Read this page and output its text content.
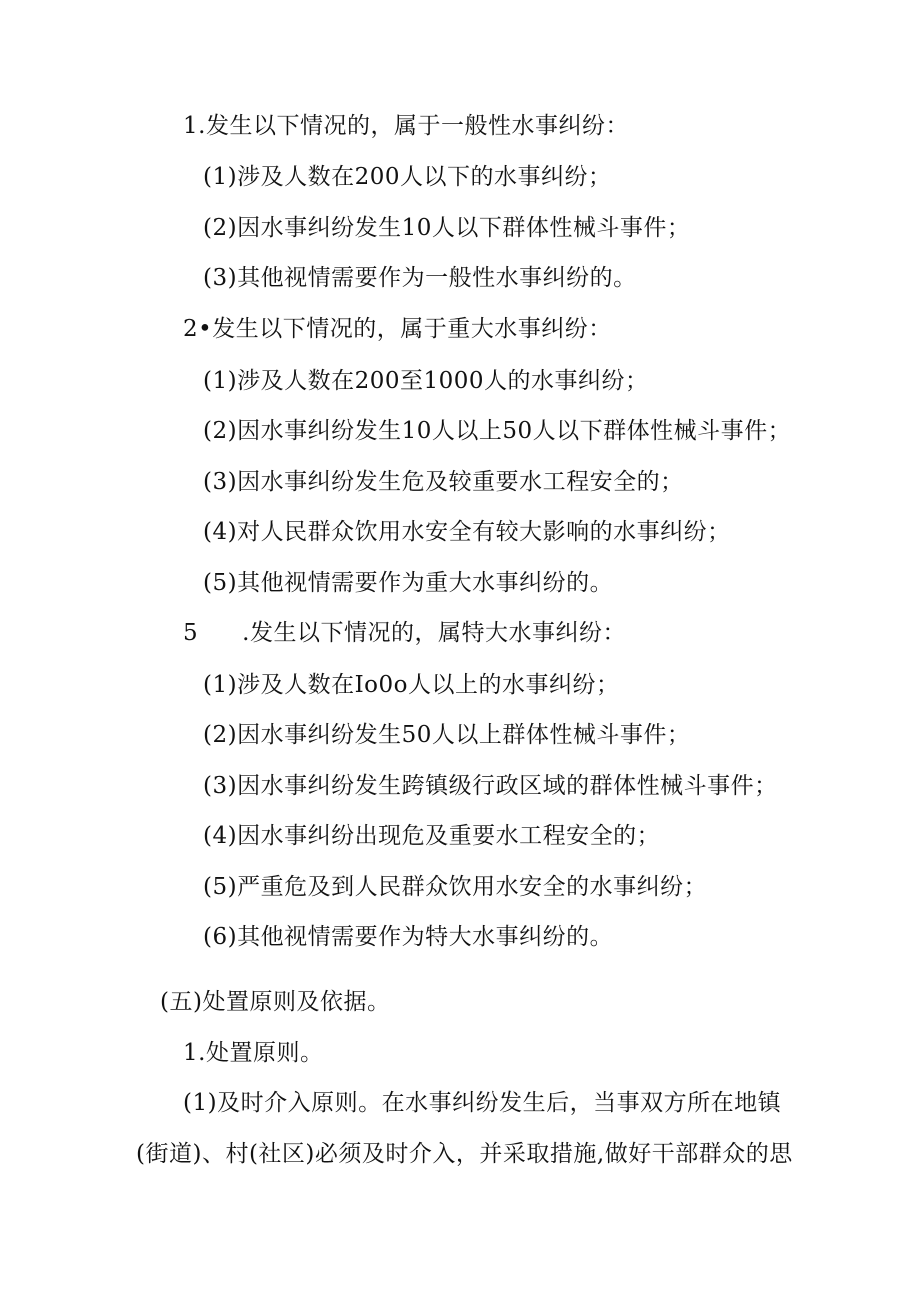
1.发生以下情况的，属于一般性水事纠纷：
(1)涉及人数在200人以下的水事纠纷；
(2)因水事纠纷发生10人以下群体性械斗事件；
(3)其他视情需要作为一般性水事纠纷的。
2•发生以下情况的，属于重大水事纠纷：
(1)涉及人数在200至1000人的水事纠纷；
(2)因水事纠纷发生10人以上50人以下群体性械斗事件；
(3)因水事纠纷发生危及较重要水工程安全的；
(4)对人民群众饮用水安全有较大影响的水事纠纷；
(5)其他视情需要作为重大水事纠纷的。
5 .发生以下情况的，属特大水事纠纷：
(1)涉及人数在Io0o人以上的水事纠纷；
(2)因水事纠纷发生50人以上群体性械斗事件；
(3)因水事纠纷发生跨镇级行政区域的群体性械斗事件；
(4)因水事纠纷出现危及重要水工程安全的；
(5)严重危及到人民群众饮用水安全的水事纠纷；
(6)其他视情需要作为特大水事纠纷的。
(五)处置原则及依据。
1.处置原则。
(1)及时介入原则。在水事纠纷发生后，当事双方所在地镇
(街道)、村(社区)必须及时介入，并采取措施,做好干部群众的思
